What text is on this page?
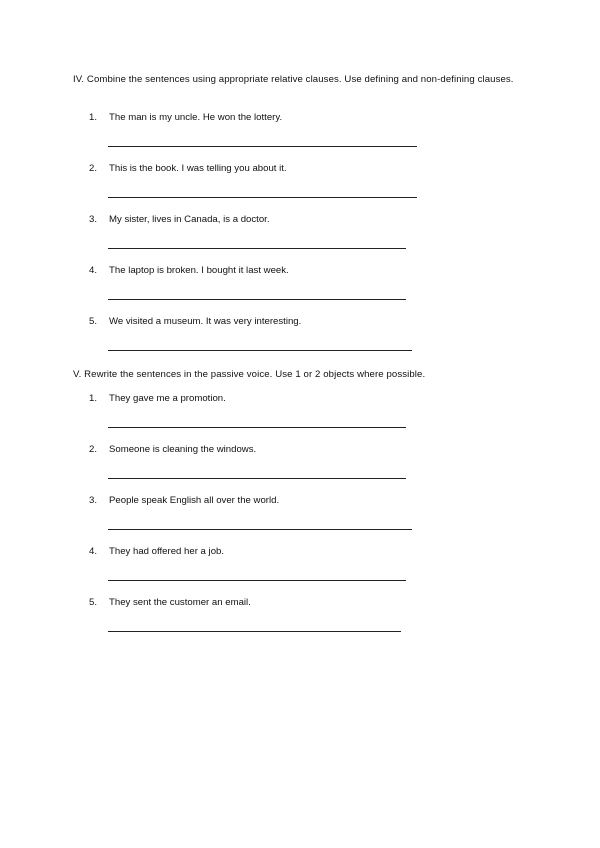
IV. Combine the sentences using appropriate relative clauses. Use defining and non-defining clauses.
1.	The man is my uncle. He won the lottery.
2.	This is the book. I was telling you about it.
3.	My sister, lives in Canada, is a doctor.
4.	The laptop is broken. I bought it last week.
5.	We visited a museum. It was very interesting.
V. Rewrite the sentences in the passive voice. Use 1 or 2 objects where possible.
1.	They gave me a promotion.
2.	Someone is cleaning the windows.
3.	People speak English all over the world.
4.	They had offered her a job.
5.	They sent the customer an email.
